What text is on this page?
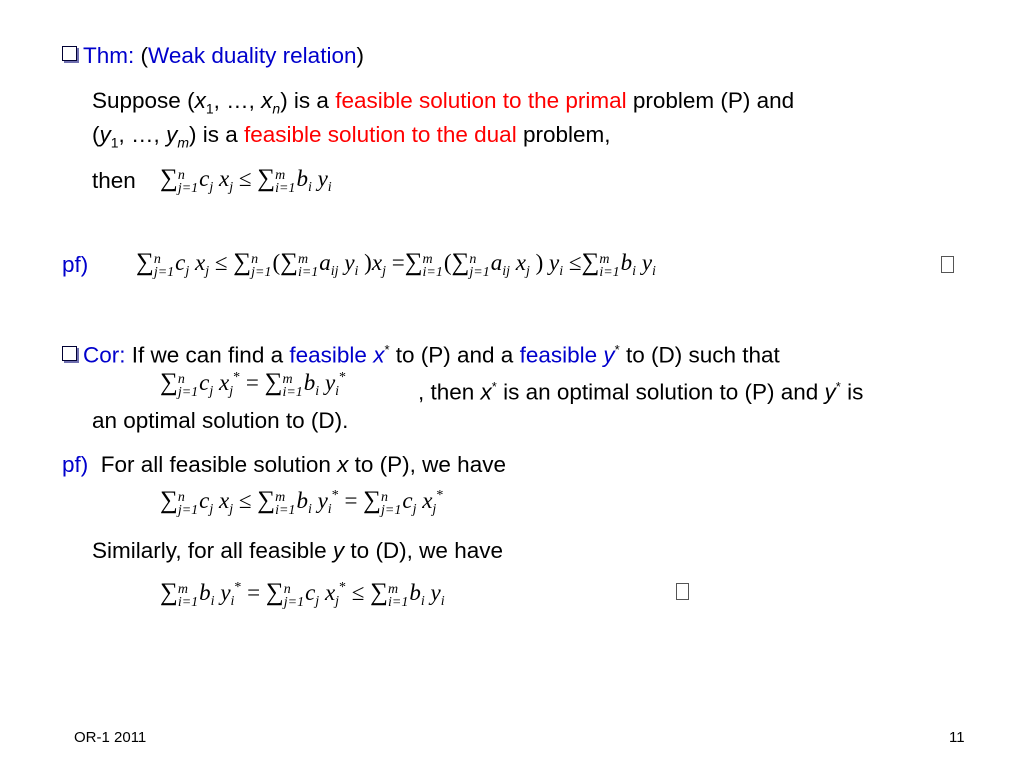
Thm: (Weak duality relation)
Suppose ($x_1$, …, $x_n$) is a feasible solution to the primal problem (P) and
($y_1$, …, $y_m$) is a feasible solution to the dual problem,
then ∑ n
j=1 $c_j$ $x_j$ ≤ ∑ m
i=1 $b_i$ $y_i$
pf) ∑ n
j=1 $c_j$ $x_j$ ≤ ∑ n
j=1 (∑ m
i=1 $a_{ij}$ $y_i$ )$x_j$ =∑ m
i=1 (∑ n
j=1 $a_{ij}$ $x_j$ ) $y_i$ ≤∑ m
i=1 $b_i$ $y_i$
Cor: If we can find a feasible x* to (P) and a feasible y* to (D) such that
∑ n
j=1 $c_j$ $x_j^*$ = ∑ m
i=1 $b_i$ $y_i^*$
, then x* is an optimal solution to (P) and y* is
an optimal solution to (D).
pf) For all feasible solution x to (P), we have
∑ n
j=1 $c_j$ $x_j$ ≤ ∑ m
i=1 $b_i$ $y_i^*$ = ∑ n
j=1 $c_j$ $x_j^*$
Similarly, for all feasible y to (D), we have
∑ m
i=1 $b_i$ $y_i^*$ = ∑ n
j=1 $c_j$ $x_j^*$ ≤ ∑ m
i=1 $b_i$ $y_i$
OR-1 2011	11
